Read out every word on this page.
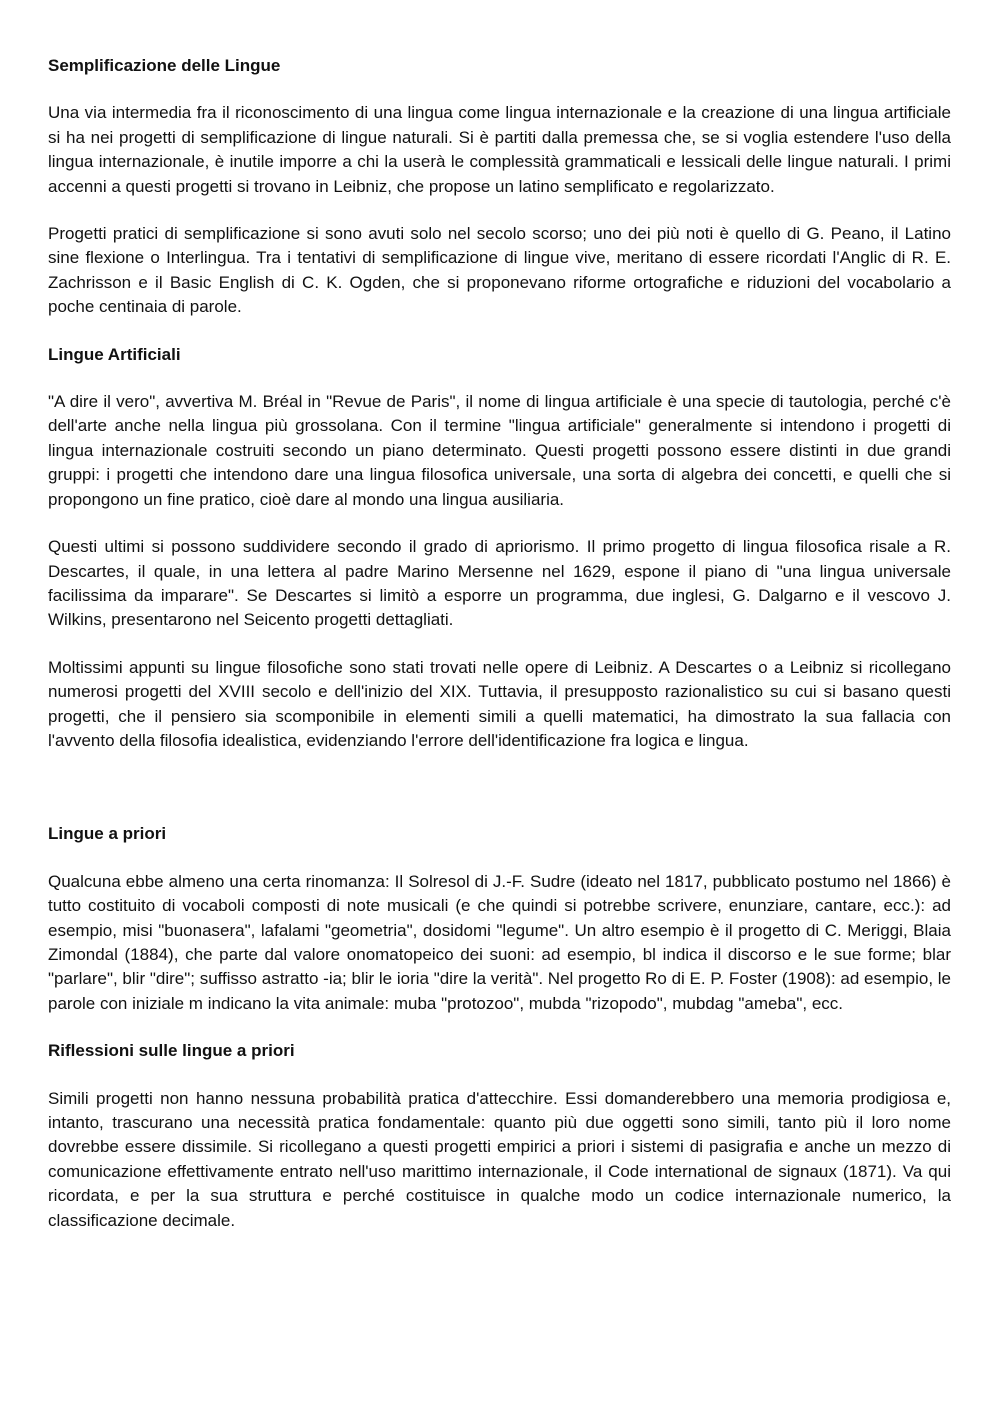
Semplificazione delle Lingue

Una via intermedia fra il riconoscimento di una lingua come lingua internazionale e la creazione di una lingua artificiale si ha nei progetti di semplificazione di lingue naturali. Si è partiti dalla premessa che, se si voglia estendere l'uso della lingua internazionale, è inutile imporre a chi la userà le complessità grammaticali e lessicali delle lingue naturali. I primi accenni a questi progetti si trovano in Leibniz, che propose un latino semplificato e regolarizzato.

Progetti pratici di semplificazione si sono avuti solo nel secolo scorso; uno dei più noti è quello di G. Peano, il Latino sine flexione o Interlingua. Tra i tentativi di semplificazione di lingue vive, meritano di essere ricordati l'Anglic di R. E. Zachrisson e il Basic English di C. K. Ogden, che si proponevano riforme ortografiche e riduzioni del vocabolario a poche centinaia di parole.

Lingue Artificiali

"A dire il vero", avvertiva M. Bréal in "Revue de Paris", il nome di lingua artificiale è una specie di tautologia, perché c'è dell'arte anche nella lingua più grossolana. Con il termine "lingua artificiale" generalmente si intendono i progetti di lingua internazionale costruiti secondo un piano determinato. Questi progetti possono essere distinti in due grandi gruppi: i progetti che intendono dare una lingua filosofica universale, una sorta di algebra dei concetti, e quelli che si propongono un fine pratico, cioè dare al mondo una lingua ausiliaria.

Questi ultimi si possono suddividere secondo il grado di apriorismo. Il primo progetto di lingua filosofica risale a R. Descartes, il quale, in una lettera al padre Marino Mersenne nel 1629, espone il piano di "una lingua universale facilissima da imparare". Se Descartes si limitò a esporre un programma, due inglesi, G. Dalgarno e il vescovo J. Wilkins, presentarono nel Seicento progetti dettagliati.

Moltissimi appunti su lingue filosofiche sono stati trovati nelle opere di Leibniz. A Descartes o a Leibniz si ricollegano numerosi progetti del XVIII secolo e dell'inizio del XIX. Tuttavia, il presupposto razionalistico su cui si basano questi progetti, che il pensiero sia scomponibile in elementi simili a quelli matematici, ha dimostrato la sua fallacia con l'avvento della filosofia idealistica, evidenziando l'errore dell'identificazione fra logica e lingua.

Lingue a priori

Qualcuna ebbe almeno una certa rinomanza: Il Solresol di J.-F. Sudre (ideato nel 1817, pubblicato postumo nel 1866) è tutto costituito di vocaboli composti di note musicali (e che quindi si potrebbe scrivere, enunziare, cantare, ecc.): ad esempio, misi "buonasera", lafalami "geometria", dosidomi "legume". Un altro esempio è il progetto di C. Meriggi, Blaia Zimondal (1884), che parte dal valore onomatopeico dei suoni: ad esempio, bl indica il discorso e le sue forme; blar "parlare", blir "dire"; suffisso astratto -ia; blir le ioria "dire la verità". Nel progetto Ro di E. P. Foster (1908): ad esempio, le parole con iniziale m indicano la vita animale: muba "protozoo", mubda "rizopodo", mubdag "ameba", ecc.

Riflessioni sulle lingue a priori

Simili progetti non hanno nessuna probabilità pratica d'attecchire. Essi domanderebbero una memoria prodigiosa e, intanto, trascurano una necessità pratica fondamentale: quanto più due oggetti sono simili, tanto più il loro nome dovrebbe essere dissimile. Si ricollegano a questi progetti empirici a priori i sistemi di pasigrafia e anche un mezzo di comunicazione effettivamente entrato nell'uso marittimo internazionale, il Code international de signaux (1871). Va qui ricordata, e per la sua struttura e perché costituisce in qualche modo un codice internazionale numerico, la classificazione decimale.
